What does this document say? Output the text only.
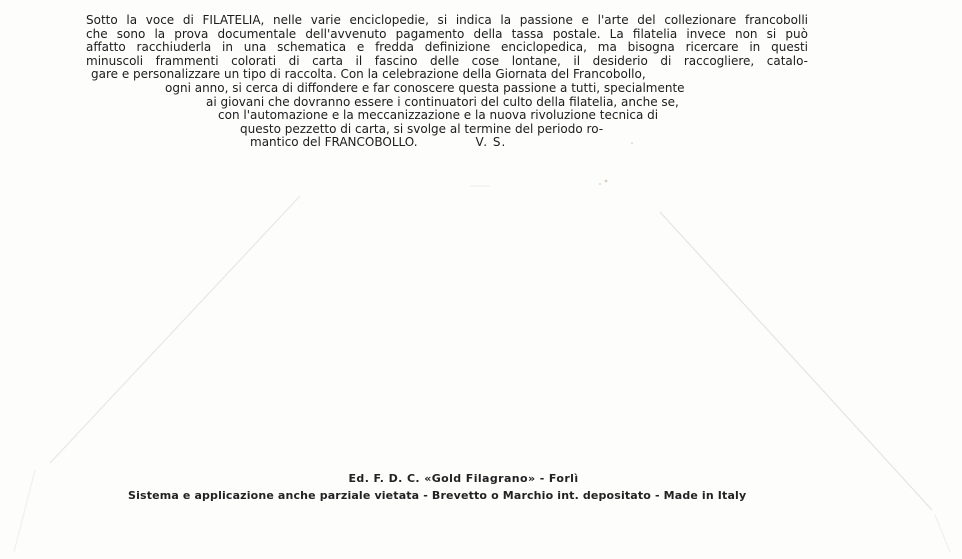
Sotto la voce di FILATELIA, nelle varie enciclopedie, si indica la passione e l'arte del collezionare francobolli
che sono la prova documentale dell'avvenuto pagamento della tassa postale. La filatelia invece non si può
affatto racchiuderla in una schematica e fredda definizione enciclopedica, ma bisogna ricercare in questi
minuscoli frammenti colorati di carta il fascino delle cose lontane, il desiderio di raccogliere, catalo-
gare e personalizzare un tipo di raccolta. Con la celebrazione della Giornata del Francobollo,
ogni anno, si cerca di diffondere e far conoscere questa passione a tutti, specialmente
ai giovani che dovranno essere i continuatori del culto della filatelia, anche se,
con l'automazione e la meccanizzazione e la nuova rivoluzione tecnica di
questo pezzetto di carta, si svolge al termine del periodo ro-
mantico del FRANCOBOLLO.	V. S.
Ed. F. D. C. «Gold Filagrano» - Forlì
Sistema e applicazione anche parziale vietata - Brevetto o Marchio int. depositato - Made in Italy
